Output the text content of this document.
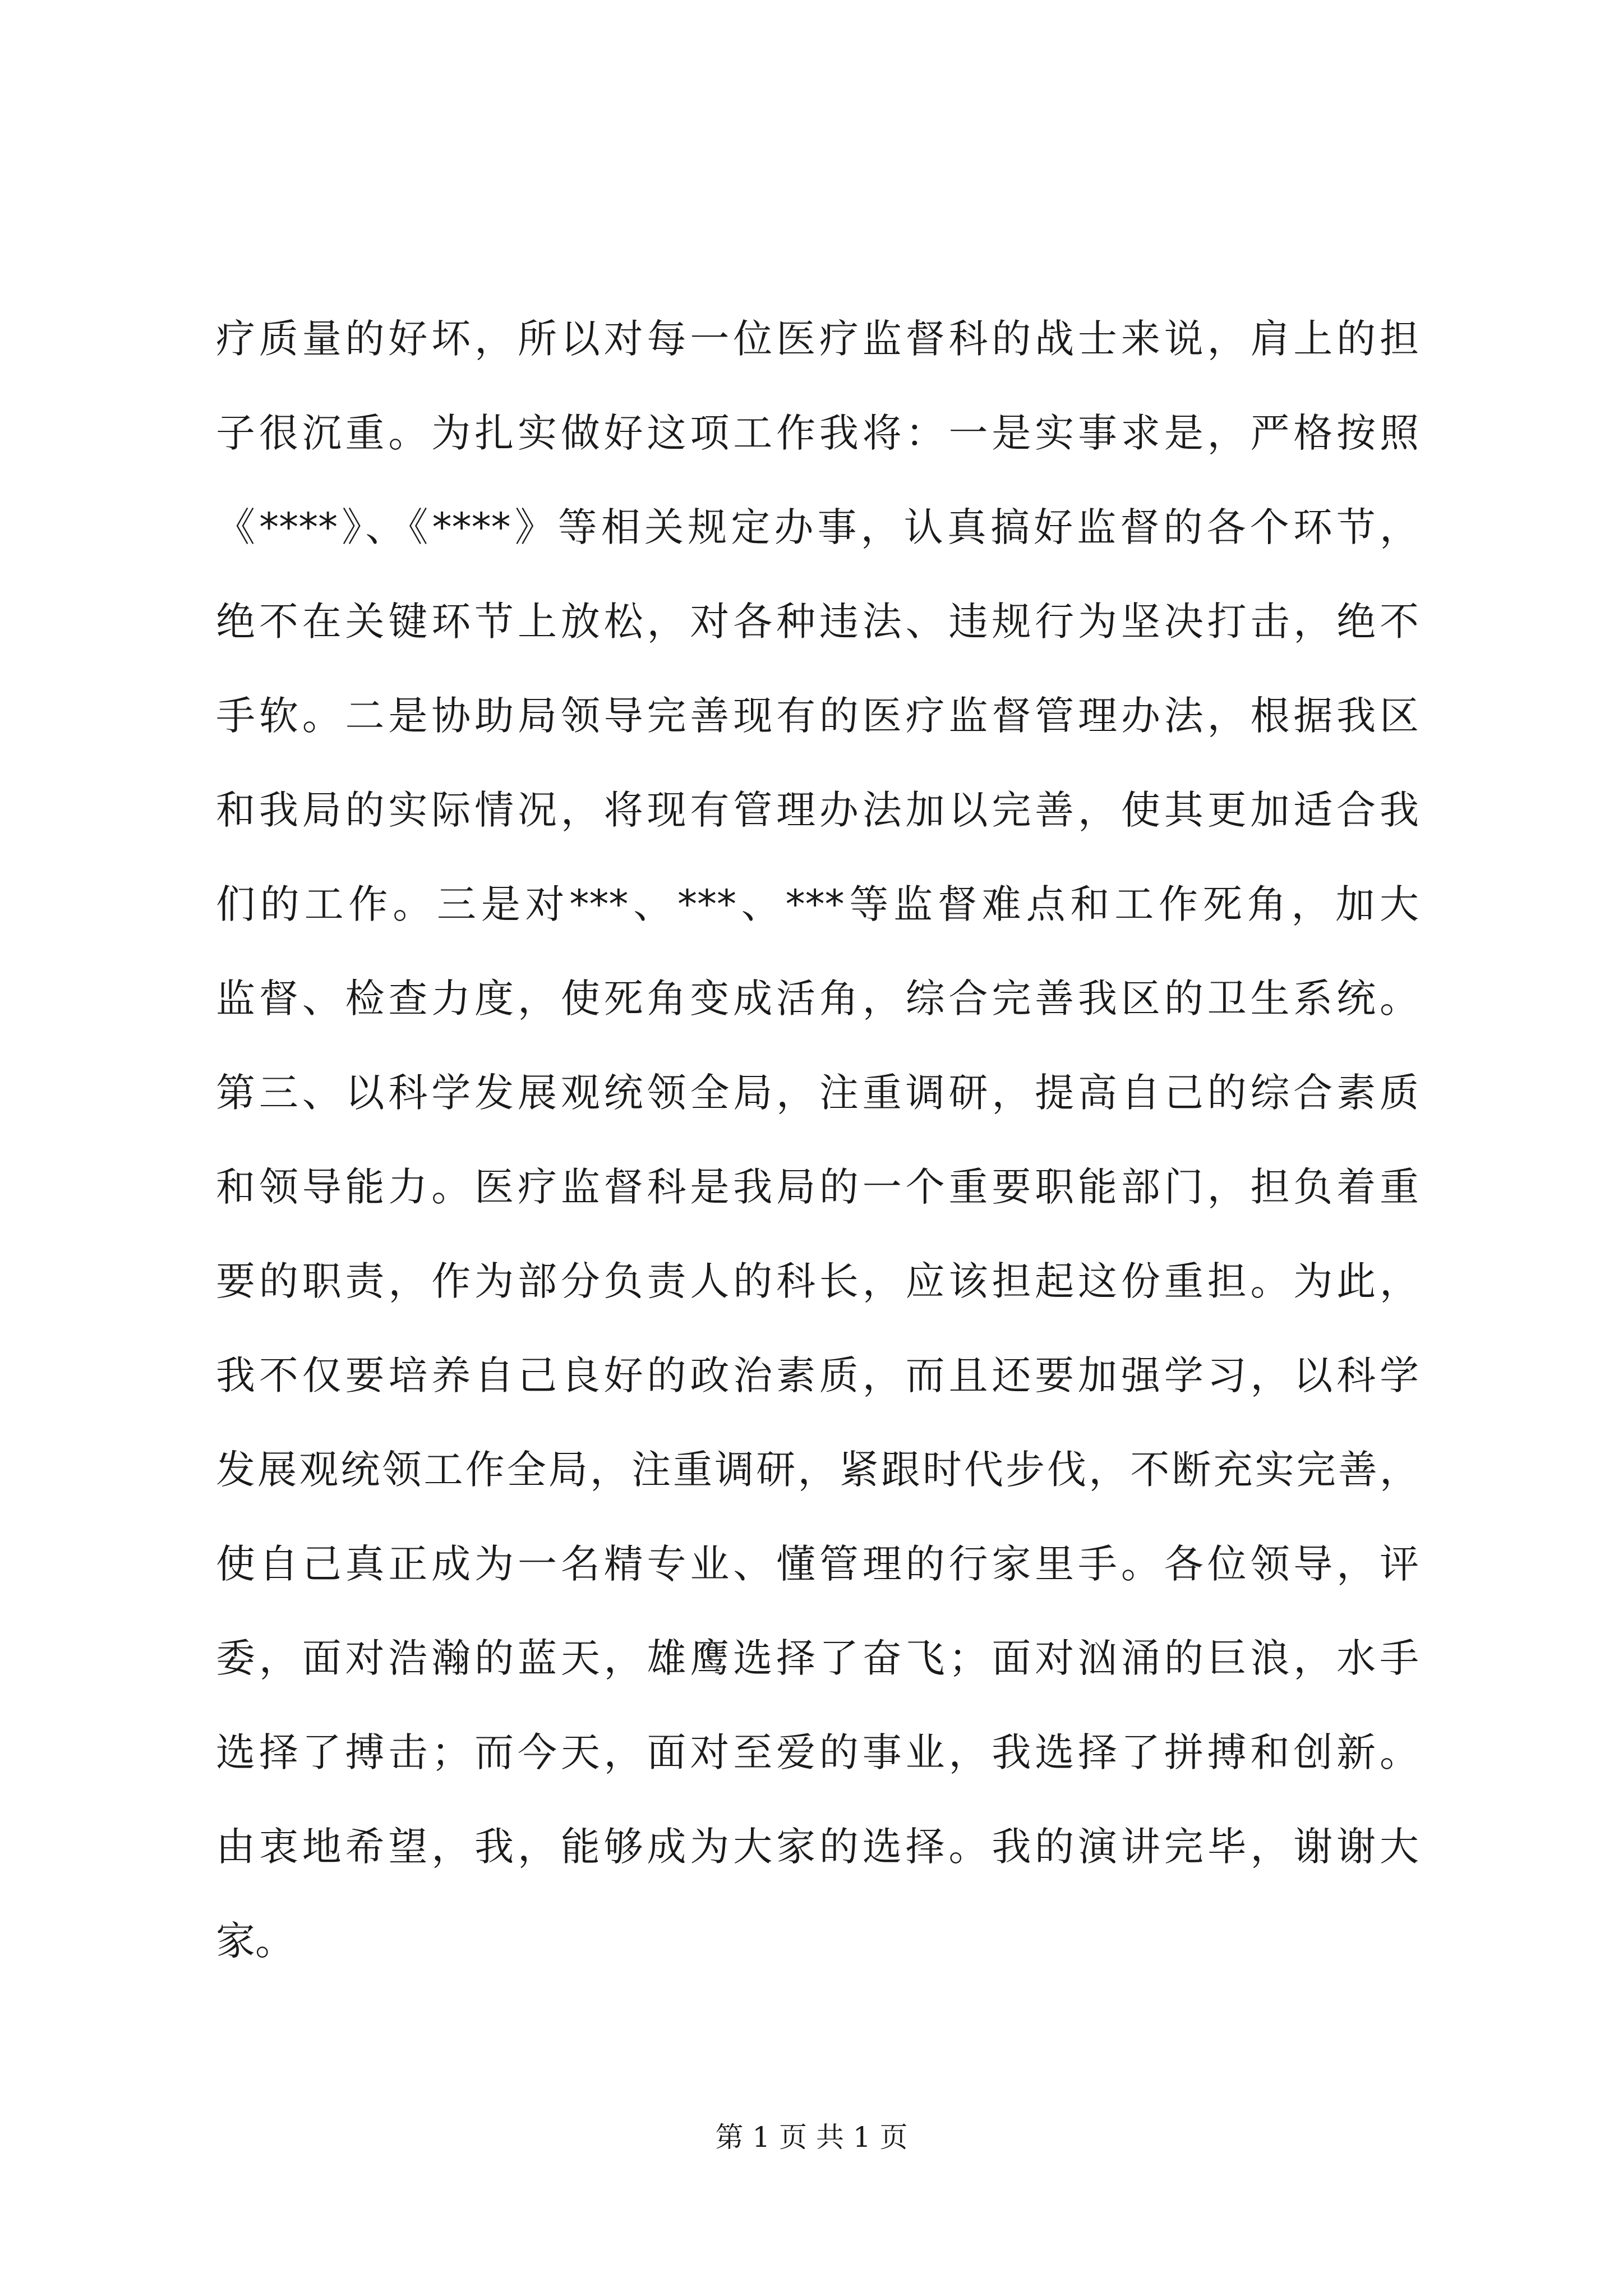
疗质量的好坏，所以对每一位医疗监督科的战士来说，肩上的担
子很沉重。为扎实做好这项工作我将：一是实事求是，严格按照
《****》、《****》等相关规定办事，认真搞好监督的各个环节，
绝不在关键环节上放松，对各种违法、违规行为坚决打击，绝不
手软。二是协助局领导完善现有的医疗监督管理办法，根据我区
和我局的实际情况，将现有管理办法加以完善，使其更加适合我
们的工作。三是对***、***、***等监督难点和工作死角，加大
监督、检查力度，使死角变成活角，综合完善我区的卫生系统。
第三、以科学发展观统领全局，注重调研，提高自己的综合素质
和领导能力。医疗监督科是我局的一个重要职能部门，担负着重
要的职责，作为部分负责人的科长，应该担起这份重担。为此，
我不仅要培养自己良好的政治素质，而且还要加强学习，以科学
发展观统领工作全局，注重调研，紧跟时代步伐，不断充实完善，
使自己真正成为一名精专业、懂管理的行家里手。各位领导，评
委，面对浩瀚的蓝天，雄鹰选择了奋飞；面对汹涌的巨浪，水手
选择了搏击；而今天，面对至爱的事业，我选择了拼搏和创新。
由衷地希望，我，能够成为大家的选择。我的演讲完毕，谢谢大
家。
第 1 页 共 1 页
